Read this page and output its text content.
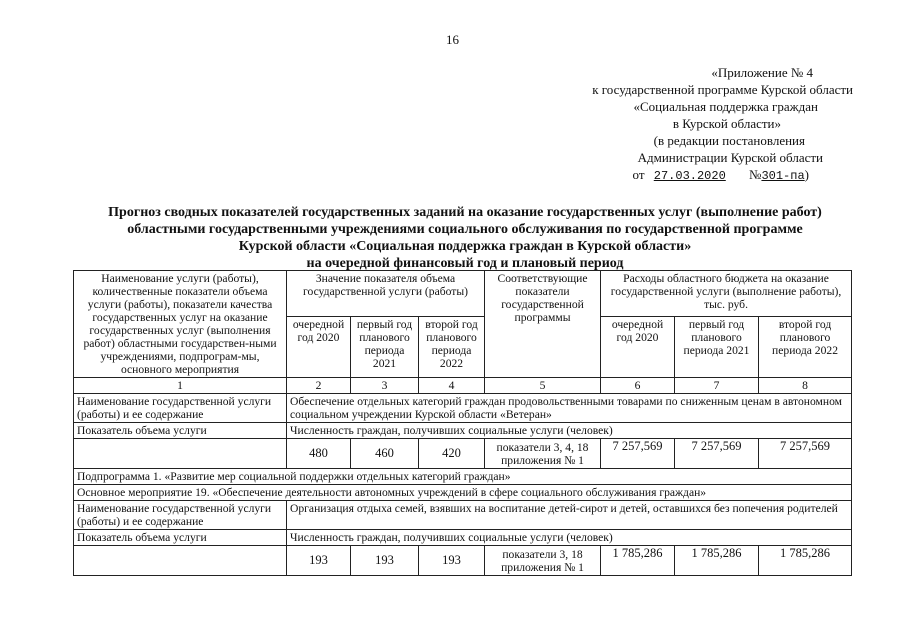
16
«Приложение № 4
к государственной программе Курской области
«Социальная поддержка граждан
в Курской области»
(в редакции постановления
Администрации Курской области
от 27.03.2020 №301-па)
Прогноз сводных показателей государственных заданий на оказание государственных услуг (выполнение работ)
областными государственными учреждениями социального обслуживания по государственной программе
Курской области «Социальная поддержка граждан в Курской области»
на очередной финансовый год и плановый период
Наименование услуги (работы), количественные показатели объема услуги (работы), показатели качества государственных услуг на оказание государственных услуг (выполнения работ) областными государствен-ными учреждениями, подпрограм-мы, основного мероприятия	Значение показателя объема государственной услуги (работы)			Соответствующие показатели государственной программы	Расходы областного бюджета на оказание государственной услуги (выполнение работы), тыс. руб.		
	очередной год 2020	первый год планового периода 2021	второй год планового периода 2022		очередной год 2020	первый год планового периода 2021	второй год планового периода 2022
1	2	3	4	5	6	7	8
Наименование государственной услуги (работы) и ее содержание	Обеспечение отдельных категорий граждан продовольственными товарами по сниженным ценам в автономном социальном учреждении Курской области «Ветеран»						
Показатель объема услуги	Численность граждан, получивших социальные услуги (человек)						
	480	460	420	показатели 3, 4, 18 приложения № 1	7 257,569	7 257,569	7 257,569
Подпрограмма 1. «Развитие мер социальной поддержки отдельных категорий граждан»							
Основное мероприятие 19. «Обеспечение деятельности автономных учреждений в сфере социального обслуживания граждан»							
Наименование государственной услуги (работы) и ее содержание	Организация отдыха семей, взявших на воспитание детей-сирот и детей, оставшихся без попечения родителей						
Показатель объема услуги	Численность граждан, получивших социальные услуги (человек)						
	193	193	193	показатели 3, 18 приложения № 1	1 785,286	1 785,286	1 785,286
